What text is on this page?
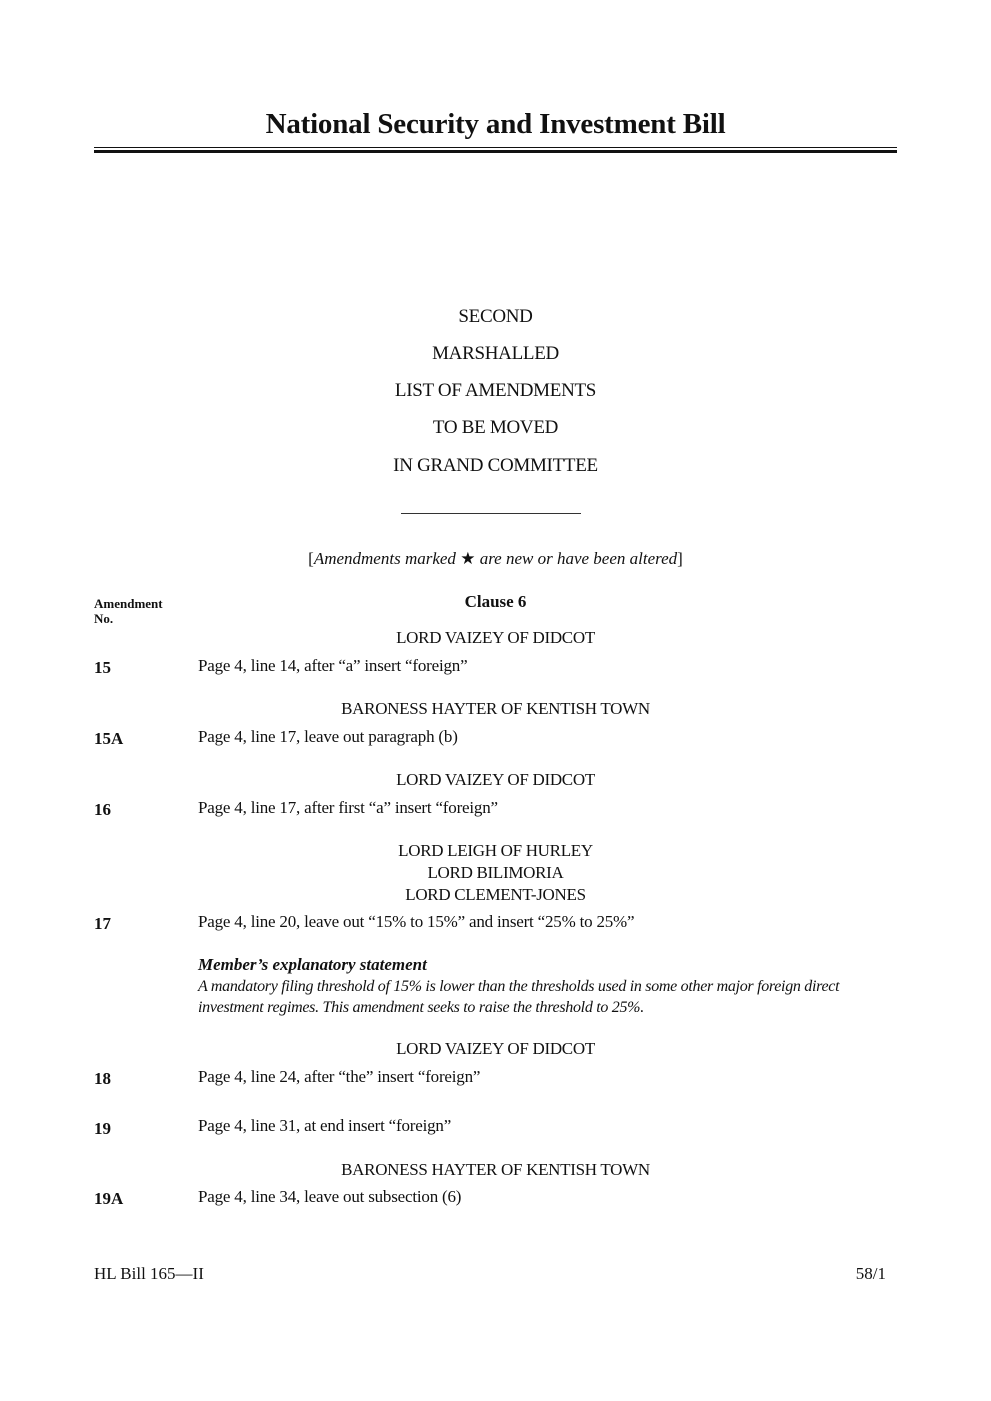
National Security and Investment Bill
SECOND
MARSHALLED
LIST OF AMENDMENTS
TO BE MOVED
IN GRAND COMMITTEE
[Amendments marked ★ are new or have been altered]
Amendment
No.
Clause 6
LORD VAIZEY OF DIDCOT
15	Page 4, line 14, after “a” insert “foreign”
BARONESS HAYTER OF KENTISH TOWN
15A	Page 4, line 17, leave out paragraph (b)
LORD VAIZEY OF DIDCOT
16	Page 4, line 17, after first “a” insert “foreign”
LORD LEIGH OF HURLEY
LORD BILIMORIA
LORD CLEMENT-JONES
17	Page 4, line 20, leave out “15% to 15%” and insert “25% to 25%”
Member’s explanatory statement
A mandatory filing threshold of 15% is lower than the thresholds used in some other major foreign direct investment regimes. This amendment seeks to raise the threshold to 25%.
LORD VAIZEY OF DIDCOT
18	Page 4, line 24, after “the” insert “foreign”
19	Page 4, line 31, at end insert “foreign”
BARONESS HAYTER OF KENTISH TOWN
19A	Page 4, line 34, leave out subsection (6)
HL Bill 165—II	58/1
